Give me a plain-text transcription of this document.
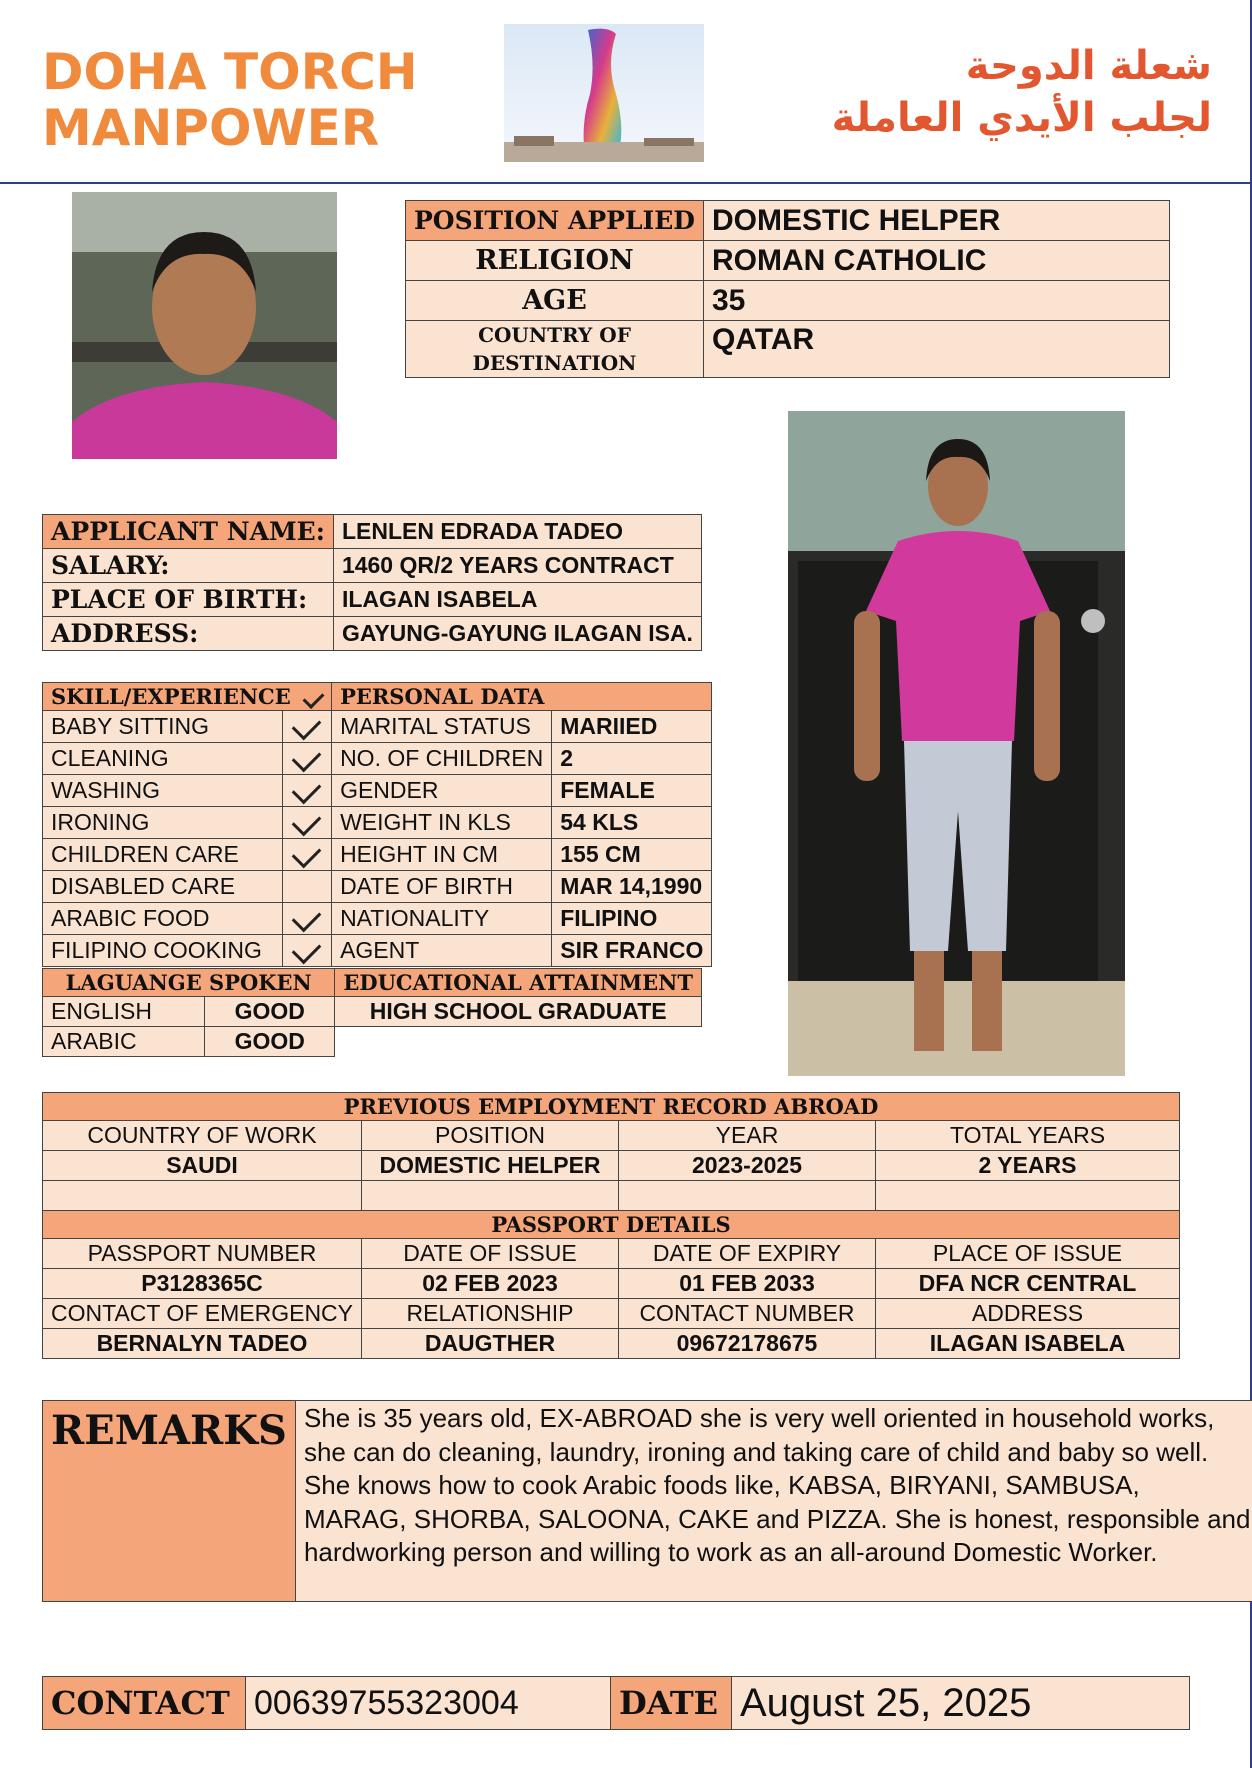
DOHA TORCH
MANPOWER
شعلة الدوحة
لجلب الأيدي العاملة
POSITION APPLIED	DOMESTIC HELPER
RELIGION	ROMAN CATHOLIC
AGE	35
COUNTRY OF DESTINATION	QATAR
APPLICANT NAME:	LENLEN EDRADA TADEO
SALARY:	1460 QR/2 YEARS CONTRACT
PLACE OF BIRTH:	ILAGAN ISABELA
ADDRESS:	GAYUNG-GAYUNG ILAGAN ISA.
SKILL/EXPERIENCE		PERSONAL DATA	
BABY SITTING		MARITAL STATUS	MARIIED
CLEANING		NO. OF CHILDREN	2
WASHING		GENDER	FEMALE
IRONING		WEIGHT IN KLS	54 KLS
CHILDREN CARE		HEIGHT IN CM	155 CM
DISABLED CARE		DATE OF BIRTH	MAR 14,1990
ARABIC FOOD		NATIONALITY	FILIPINO
FILIPINO COOKING		AGENT	SIR FRANCO
LAGUANGE SPOKEN		EDUCATIONAL ATTAINMENT
ENGLISH	GOOD	HIGH SCHOOL GRADUATE
ARABIC	GOOD	
PREVIOUS EMPLOYMENT RECORD ABROAD			
COUNTRY OF WORK	POSITION	YEAR	TOTAL YEARS
SAUDI	DOMESTIC HELPER	2023-2025	2 YEARS

PASSPORT DETAILS			
PASSPORT NUMBER	DATE OF ISSUE	DATE OF EXPIRY	PLACE OF ISSUE
P3128365C	02 FEB 2023	01 FEB 2033	DFA NCR CENTRAL
CONTACT OF EMERGENCY	RELATIONSHIP	CONTACT NUMBER	ADDRESS
BERNALYN TADEO	DAUGTHER	09672178675	ILAGAN ISABELA
REMARKS	She is 35 years old, EX-ABROAD she is very well oriented in household works,
she can do cleaning, laundry, ironing and taking care of child and baby so well.
She knows how to cook Arabic foods like, KABSA, BIRYANI, SAMBUSA,
MARAG, SHORBA, SALOONA, CAKE and PIZZA. She is honest, responsible and
hardworking person and willing to work as an all-around Domestic Worker.
CONTACT	00639755323004	DATE	August 25, 2025
